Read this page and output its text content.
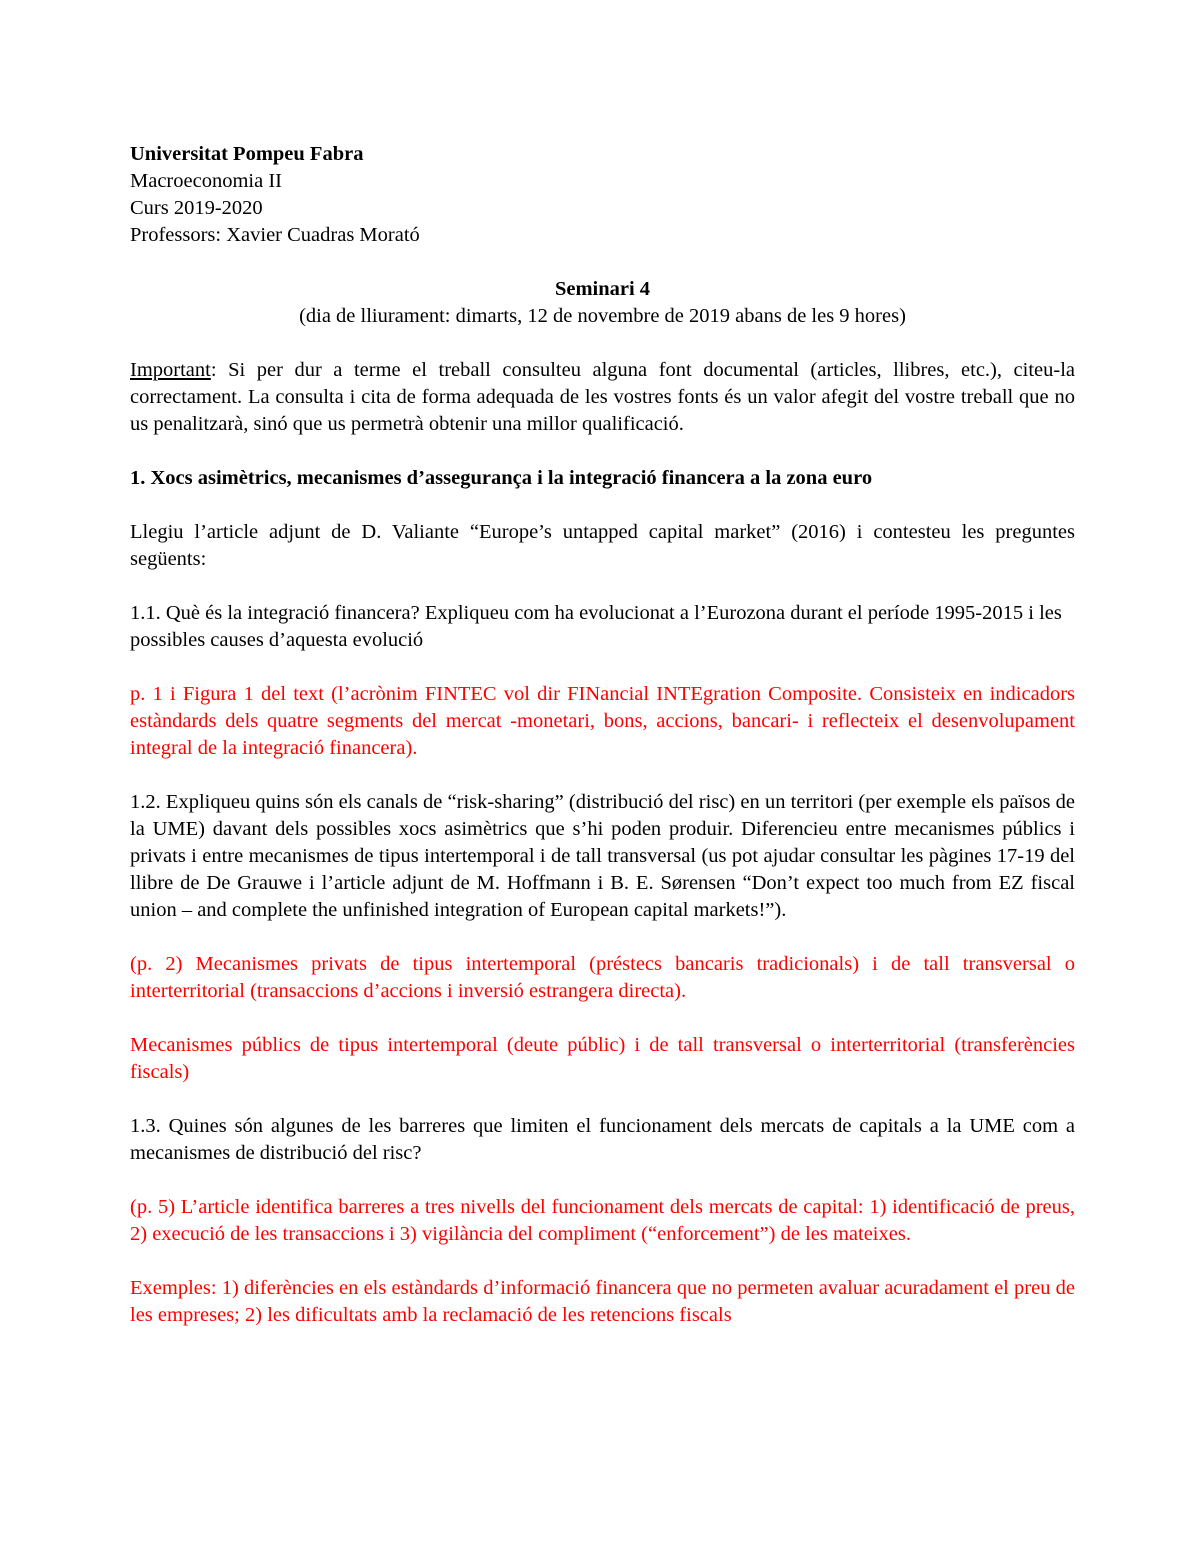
Universitat Pompeu Fabra

Macroeconomia II

Curs 2019-2020

Professors: Xavier Cuadras Morató

Seminari 4

(dia de lliurament: dimarts, 12 de novembre de 2019 abans de les 9 hores)

Important: Si per dur a terme el treball consulteu alguna font documental (articles, llibres, etc.), citeu-la correctament. La consulta i cita de forma adequada de les vostres fonts és un valor afegit del vostre treball que no us penalitzarà, sinó que us permetrà obtenir una millor qualificació.

1. Xocs asimètrics, mecanismes d’assegurança i la integració financera a la zona euro

Llegiu l’article adjunt de D. Valiante “Europe’s untapped capital market” (2016) i contesteu les preguntes següents:

1.1. Què és la integració financera? Expliqueu com ha evolucionat a l’Eurozona durant el període 1995-2015 i les possibles causes d’aquesta evolució

p. 1 i Figura 1 del text (l’acrònim FINTEC vol dir FINancial INTEgration Composite. Consisteix en indicadors estàndards dels quatre segments del mercat -monetari, bons, accions, bancari- i reflecteix el desenvolupament integral de la integració financera).

1.2. Expliqueu quins són els canals de “risk-sharing” (distribució del risc) en un territori (per exemple els països de la UME) davant dels possibles xocs asimètrics que s’hi poden produir. Diferencieu entre mecanismes públics i privats i entre mecanismes de tipus intertemporal i de tall transversal (us pot ajudar consultar les pàgines 17-19 del llibre de De Grauwe i l’article adjunt de M. Hoffmann i B. E. Sørensen “Don’t expect too much from EZ fiscal union – and complete the unfinished integration of European capital markets!”).

(p. 2) Mecanismes privats de tipus intertemporal (préstecs bancaris tradicionals) i de tall transversal o interterritorial (transaccions d’accions i inversió estrangera directa).

Mecanismes públics de tipus intertemporal (deute públic) i de tall transversal o interterritorial (transferències fiscals)

1.3. Quines són algunes de les barreres que limiten el funcionament dels mercats de capitals a la UME com a mecanismes de distribució del risc?

(p. 5) L’article identifica barreres a tres nivells del funcionament dels mercats de capital: 1) identificació de preus, 2) execució de les transaccions i 3) vigilància del compliment (“enforcement”) de les mateixes.

Exemples: 1) diferències en els estàndards d’informació financera que no permeten avaluar acuradament el preu de les empreses; 2) les dificultats amb la reclamació de les retencions fiscals
